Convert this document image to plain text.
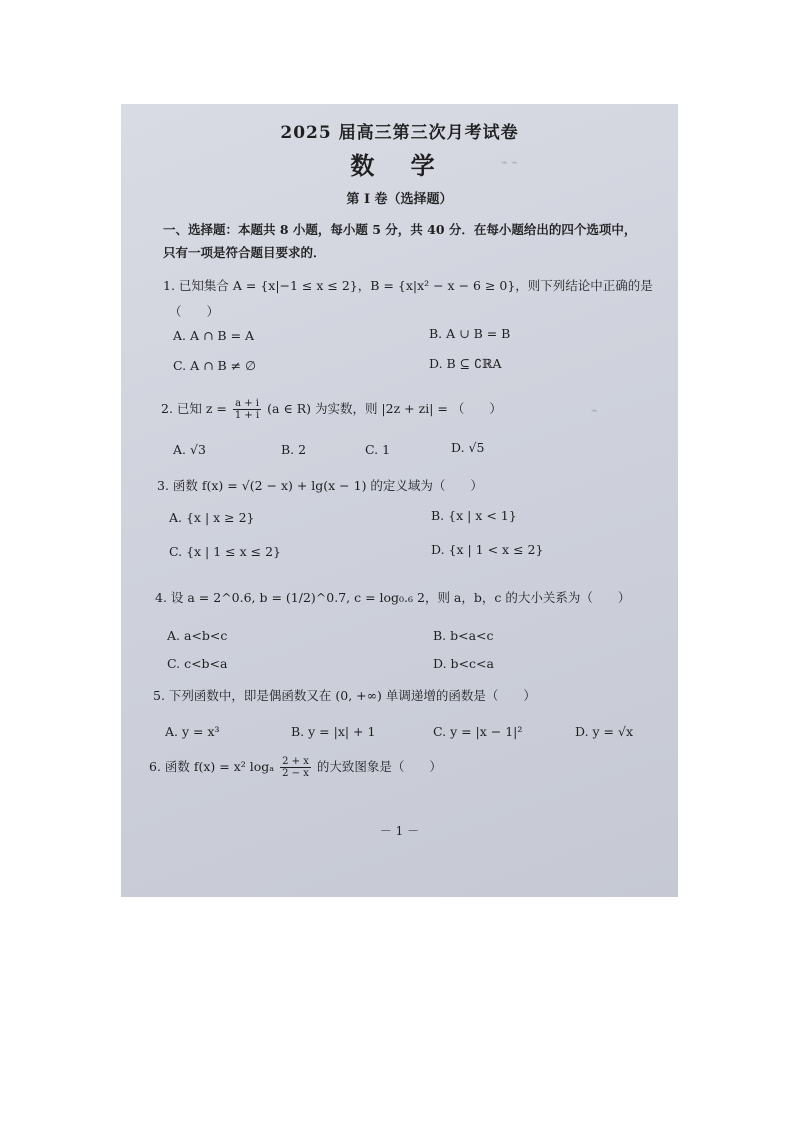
⌁ ⌁
⌁
2025 届高三第三次月考试卷
数 学
第 I 卷（选择题）
一、选择题：本题共 8 小题，每小题 5 分，共 40 分．在每小题给出的四个选项中，只有一项是符合题目要求的．
1. 已知集合 A = {x|−1 ≤ x ≤ 2}，B = {x|x² − x − 6 ≥ 0}，则下列结论中正确的是
（　　）
A. A ∩ B = A	B. A ∪ B = B
C. A ∩ B ≠ ∅	D. B ⊆ ∁ℝA
2. 已知 $z = \frac{a + i}{1 + i} (a$ ∈ R) 为实数，则 |2z + zi| = （　　）
A. √3	B. 2	C. 1	D. √5
3. 函数 f(x) = √(2 − x) + lg(x − 1) 的定义域为（　　）
A. {x | x ≥ 2}	B. {x | x < 1}
C. {x | 1 ≤ x ≤ 2}	D. {x | 1 < x ≤ 2}
4. 设 a = 2^0.6, b = (1/2)^0.7, c = log₀.₆ 2，则 a，b，c 的大小关系为（　　）
A. a<b<c	B. b<a<c
C. c<b<a	D. b<c<a
5. 下列函数中，即是偶函数又在 (0, +∞) 单调递增的函数是（　　）
A. y = x³	B. y = |x| + 1	C. y = |x − 1|²	D. y = √x
6. 函数 f(x) = x² logₐ $\frac{2 + x}{2 - x}$ 的大致图象是（　　）
－ 1 －
